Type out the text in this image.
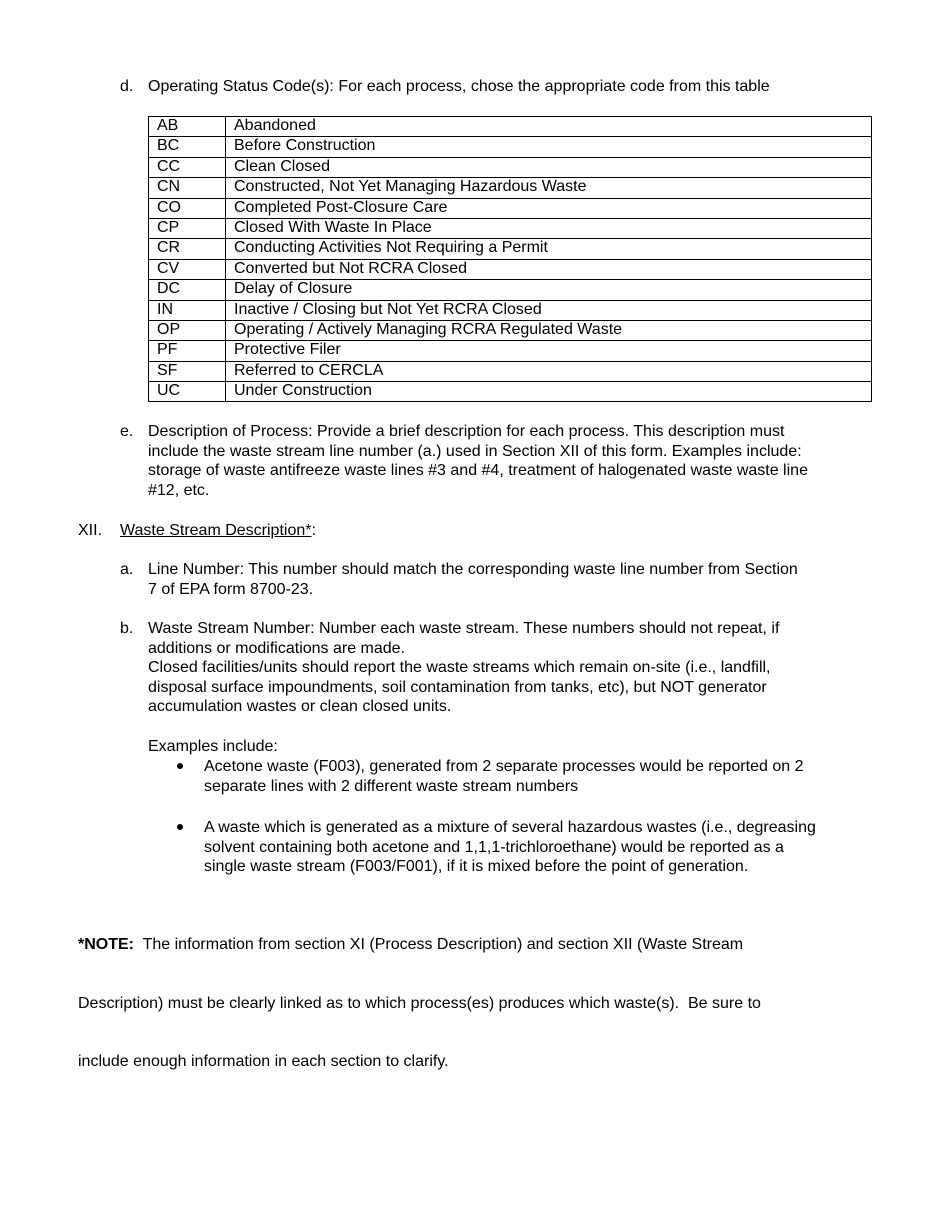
d. Operating Status Code(s): For each process, chose the appropriate code from this table
AB	Abandoned
BC	Before Construction
CC	Clean Closed
CN	Constructed, Not Yet Managing Hazardous Waste
CO	Completed Post-Closure Care
CP	Closed With Waste In Place
CR	Conducting Activities Not Requiring a Permit
CV	Converted but Not RCRA Closed
DC	Delay of Closure
IN	Inactive / Closing but Not Yet RCRA Closed
OP	Operating / Actively Managing RCRA Regulated Waste
PF	Protective Filer
SF	Referred to CERCLA
UC	Under Construction
e. Description of Process: Provide a brief description for each process. This description must
include the waste stream line number (a.) used in Section XII of this form. Examples include:
storage of waste antifreeze waste lines #3 and #4, treatment of halogenated waste waste line
#12, etc.
XII. Waste Stream Description*:
a. Line Number: This number should match the corresponding waste line number from Section
7 of EPA form 8700-23.
b. Waste Stream Number: Number each waste stream. These numbers should not repeat, if
additions or modifications are made.
Closed facilities/units should report the waste streams which remain on-site (i.e., landfill,
disposal surface impoundments, soil contamination from tanks, etc), but NOT generator
accumulation wastes or clean closed units.
Examples include:
Acetone waste (F003), generated from 2 separate processes would be reported on 2
separate lines with 2 different waste stream numbers
A waste which is generated as a mixture of several hazardous wastes (i.e., degreasing
solvent containing both acetone and 1,1,1-trichloroethane) would be reported as a
single waste stream (F003/F001), if it is mixed before the point of generation.

*NOTE:  The information from section XI (Process Description) and section XII (Waste Stream

Description) must be clearly linked as to which process(es) produces which waste(s).  Be sure to

include enough information in each section to clarify.
